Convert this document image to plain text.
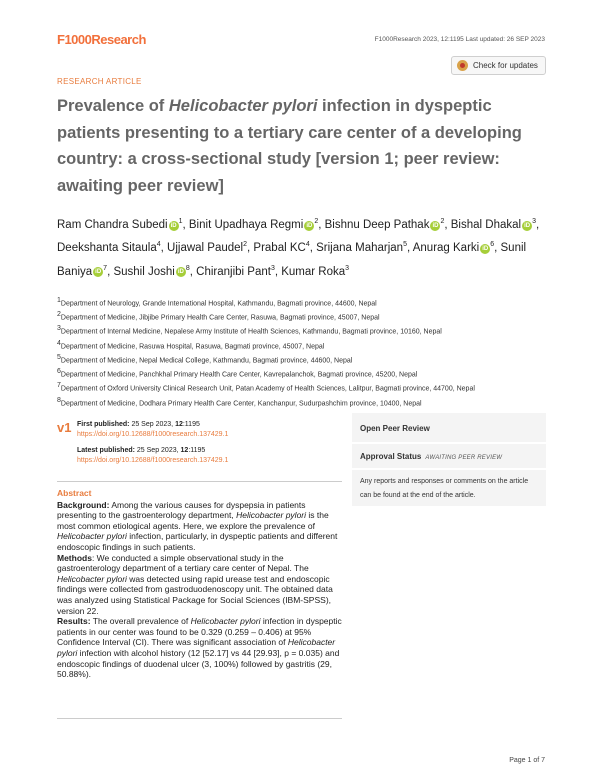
F1000Research	F1000Research 2023, 12:1195 Last updated: 26 SEP 2023
Check for updates
RESEARCH ARTICLE
Prevalence of Helicobacter pylori infection in dyspeptic patients presenting to a tertiary care center of a developing country: a cross-sectional study [version 1; peer review: awaiting peer review]
Ram Chandra Subedi $iD^1$, Binit Upadhaya Regmi $iD^2$, Bishnu Deep Pathak $iD^2$, Bishal Dhakal $iD^3$, Deekshanta Sitaula$^4$, Ujjawal Paudel$^2$, Prabal $KC^4$, Srijana Maharjan$^5$, Anurag Karki $iD^6$, Sunil Baniya $iD^7$, Sushil Joshi $iD^8$, Chiranjibi Pant$^3$, Kumar Roka$^3$
$^1$Department of Neurology, Grande International Hospital, Kathmandu, Bagmati province, 44600, Nepal
$^2$Department of Medicine, Jibjibe Primary Health Care Center, Rasuwa, Bagmati province, 45007, Nepal
$^3$Department of Internal Medicine, Nepalese Army Institute of Health Sciences, Kathmandu, Bagmati province, 10160, Nepal
$^4$Department of Medicine, Rasuwa Hospital, Rasuwa, Bagmati province, 45007, Nepal
$^5$Department of Medicine, Nepal Medical College, Kathmandu, Bagmati province, 44600, Nepal
$^6$Department of Medicine, Panchkhal Primary Health Care Center, Kavrepalanchok, Bagmati province, 45200, Nepal
$^7$Department of Oxford University Clinical Research Unit, Patan Academy of Health Sciences, Lalitpur, Bagmati province, 44700, Nepal
$^8$Department of Medicine, Dodhara Primary Health Care Center, Kanchanpur, Sudurpashchim province, 10400, Nepal
v1 First published: 25 Sep 2023, 12:1195
https://doi.org/10.12688/f1000research.137429.1
Latest published: 25 Sep 2023, 12:1195
https://doi.org/10.12688/f1000research.137429.1
Open Peer Review
Approval Status AWAITING PEER REVIEW
Any reports and responses or comments on the article can be found at the end of the article.
Abstract

Background: Among the various causes for dyspepsia in patients presenting to the gastroenterology department, Helicobacter pylori is the most common etiological agents. Here, we explore the prevalence of Helicobacter pylori infection, particularly, in dyspeptic patients and different endoscopic findings in such patients.

Methods: We conducted a simple observational study in the gastroenterology department of a tertiary care center of Nepal. The Helicobacter pylori was detected using rapid urease test and endoscopic findings were collected from gastroduodenoscopy unit. The obtained data was analyzed using Statistical Package for Social Sciences (IBM-SPSS), version 22.

Results: The overall prevalence of Helicobacter pylori infection in dyspeptic patients in our center was found to be 0.329 (0.259 – 0.406) at 95% Confidence Interval (CI). There was significant association of Helicobacter pylori infection with alcohol history (12 [52.17] vs 44 [29.93], p = 0.035) and endoscopic findings of duodenal ulcer (3, 100%) followed by gastritis (29, 50.88%).

Page 1 of 7
